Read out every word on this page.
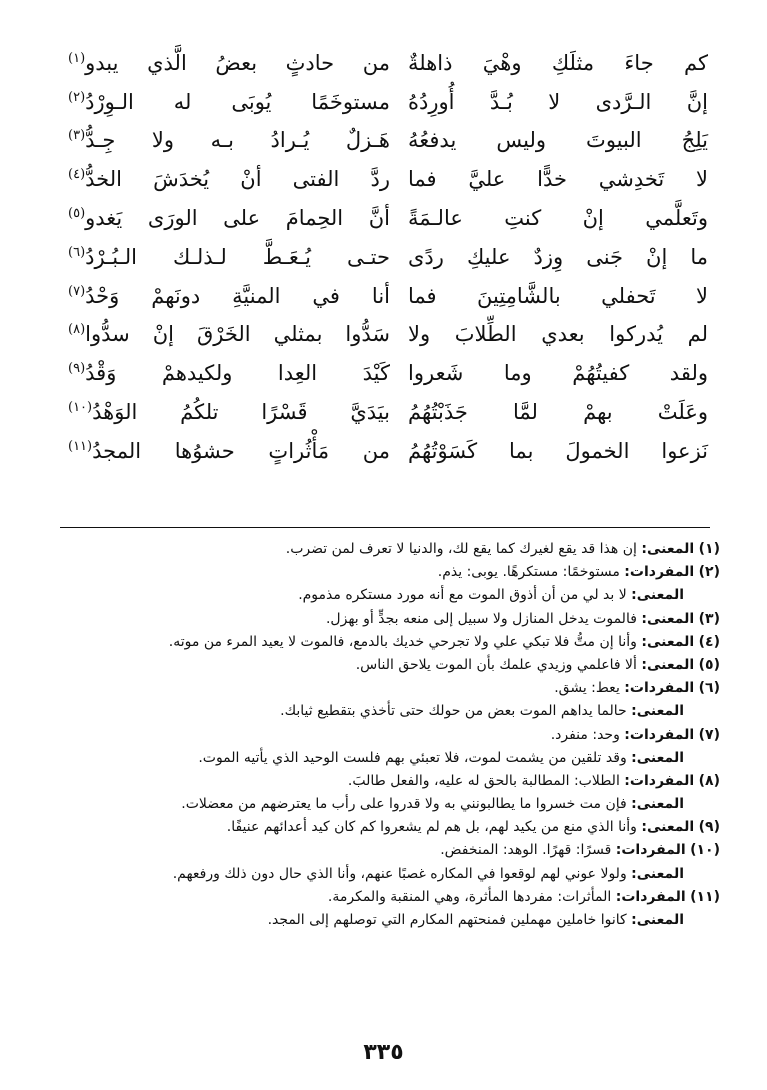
كم جاءَ مثلَكِ وهْيَ ذاهلةٌ
من حادثٍ بعضُ الَّذي يبدو$^{(١)}$
إنَّ الـرَّدى لا بُـدَّ أُورِدُهُ
مستوخَمًا يُوبَى له الـوِرْدُ$^{(٢)}$
يَلِجُ البيوتَ وليس يدفعُهُ
هَـزلٌ يُـرادُ بـه ولا جِـدُّ$^{(٣)}$
لا تَخدِشي خدًّا عليَّ فما
ردَّ الفتى أنْ يُخدَشَ الخدُّ$^{(٤)}$
وتَعلَّمي إنْ كنتِ عالـمَةً
أنَّ الحِمامَ على الورَى يَغدو$^{(٥)}$
ما إنْ جَنى وِزدٌ عليكِ ردًى
حتـى يُـعَـطَّ لـذلـك الـبُـرْدُ$^{(٦)}$
لا تَحفلي بالشَّامِتِينَ فما
أنا في المنيَّةِ دونَهمْ وَحْدُ$^{(٧)}$
لم يُدركوا بعدي الطِّلابَ ولا
سَدُّوا بمثلي الخَرْقَ إنْ سدُّوا$^{(٨)}$
ولقد كفيتُهُمْ وما شَعروا
كَيْدَ العِدا ولكيدهمْ وَقْدُ$^{(٩)}$
وعَلَتْ بهمْ لمَّا جَذَبْتُهُمُ
بيَدَيَّ قَسْرًا تلكُمُ الوَهْدُ$^{(١٠)}$
نَزعوا الخمولَ بما كَسَوْتُهُمُ
من مَأْثُراتٍ حشوُها المجدُ$^{(١١)}$
(١) المعنى: إن هذا قد يقع لغيرك كما يقع لك، والدنيا لا تعرف لمن تضرب.
(٢) المفردات: مستوخمًا: مستكرهًا. يوبى: يذم.
المعنى: لا بد لي من أن أذوق الموت مع أنه مورد مستكره مذموم.
(٣) المعنى: فالموت يدخل المنازل ولا سبيل إلى منعه بجدٍّ أو بهزل.
(٤) المعنى: وأنا إن متُّ فلا تبكي علي ولا تجرحي خديك بالدمع، فالموت لا يعيد المرء من موته.
(٥) المعنى: ألا فاعلمي وزيدي علمك بأن الموت يلاحق الناس.
(٦) المفردات: يعط: يشق.
المعنى: حالما يداهم الموت بعض من حولك حتى تأخذي بتقطيع ثيابك.
(٧) المفردات: وحد: منفرد.
المعنى: وقد تلقين من يشمت لموت، فلا تعبئي بهم فلست الوحيد الذي يأتيه الموت.
(٨) المفردات: الطلاب: المطالبة بالحق له عليه، والفعل طالبَ.
المعنى: فإن مت خسروا ما يطالبونني به ولا قدروا على رأب ما يعترضهم من معضلات.
(٩) المعنى: وأنا الذي منع من يكيد لهم، بل هم لم يشعروا كم كان كيد أعدائهم عنيفًا.
(١٠) المفردات: قسرًا: قهرًا. الوهد: المنخفض.
المعنى: ولولا عوني لهم لوقعوا في المكاره غصبًا عنهم، وأنا الذي حال دون ذلك ورفعهم.
(١١) المفردات: المأثرات: مفردها المأثرة، وهي المنقبة والمكرمة.
المعنى: كانوا خاملين مهملين فمنحتهم المكارم التي توصلهم إلى المجد.
٣٣٥
